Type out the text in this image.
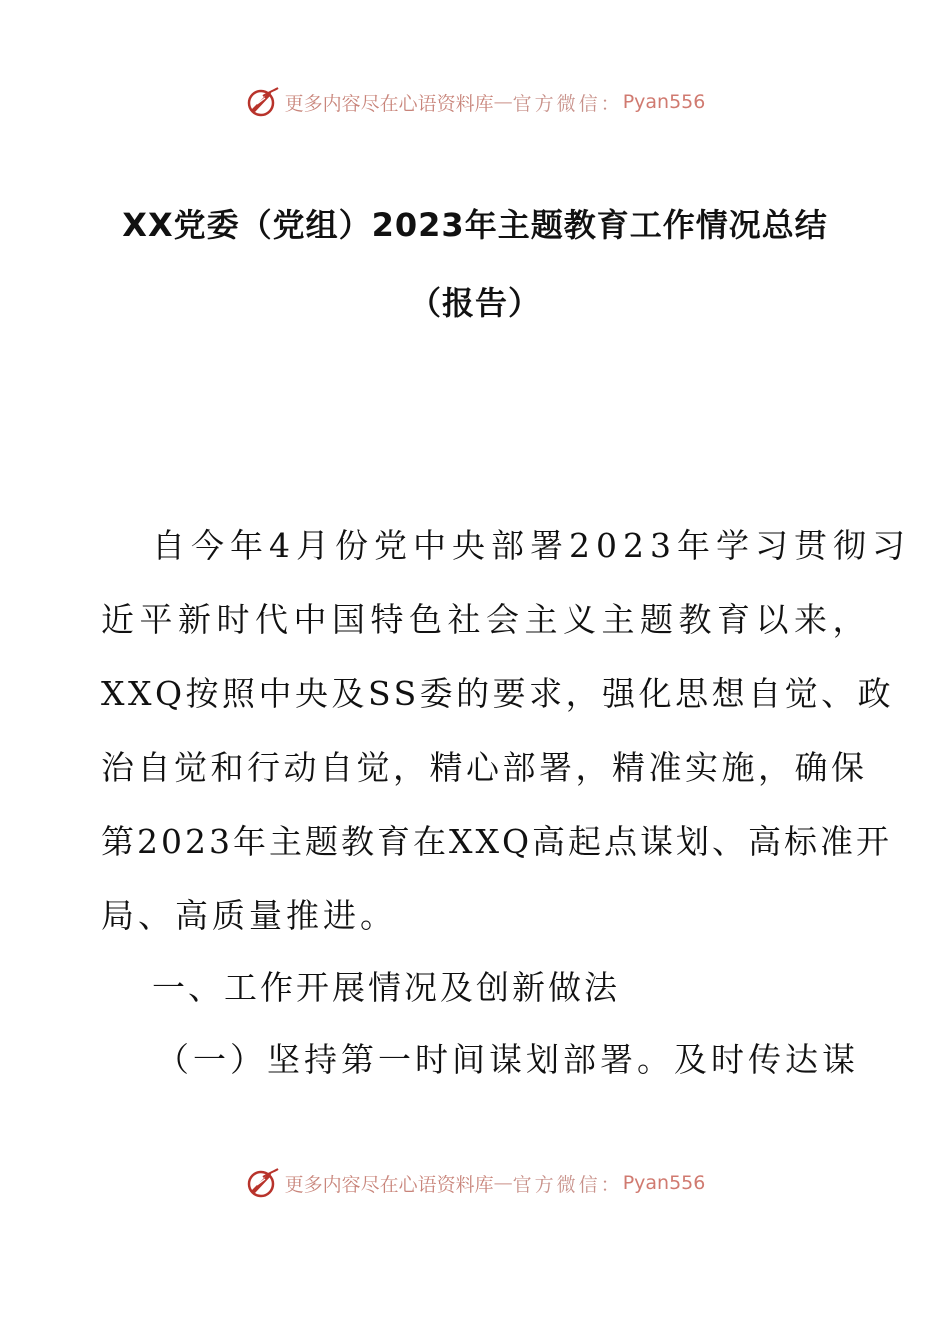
更多内容尽在心语资料库 — 官方微信： Pyan556
XX党委（党组）2023年主题教育工作情况总结
（报告）
自今年4月份党中央部署2023年学习贯彻习
近平新时代中国特色社会主义主题教育以来，
XXQ按照中央及SS委的要求，强化思想自觉、政
治自觉和行动自觉，精心部署，精准实施，确保
第2023年主题教育在XXQ高起点谋划、高标准开
局、高质量推进。
一、工作开展情况及创新做法
（一）坚持第一时间谋划部署。及时传达谋
更多内容尽在心语资料库 — 官方微信： Pyan556
